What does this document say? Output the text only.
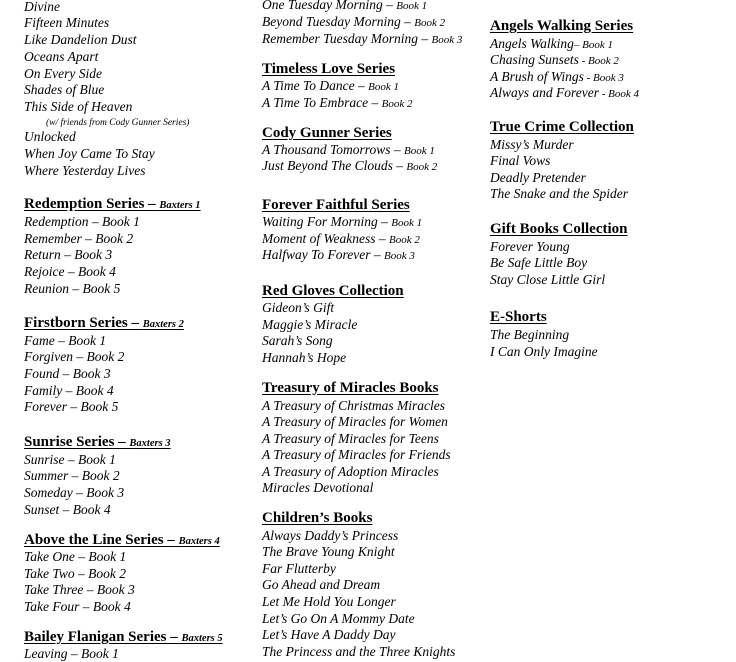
Divine
Fifteen Minutes
Like Dandelion Dust
Oceans Apart
On Every Side
Shades of Blue
This Side of Heaven
(w/ friends from Cody Gunner Series)
Unlocked
When Joy Came To Stay
Where Yesterday Lives
Redemption Series – Baxters 1
Redemption – Book 1
Remember – Book 2
Return – Book 3
Rejoice – Book 4
Reunion – Book 5
Firstborn Series – Baxters 2
Fame – Book 1
Forgiven – Book 2
Found – Book 3
Family – Book 4
Forever – Book 5
Sunrise Series – Baxters 3
Sunrise – Book 1
Summer – Book 2
Someday – Book 3
Sunset – Book 4
Above the Line Series – Baxters 4
Take One – Book 1
Take Two – Book 2
Take Three – Book 3
Take Four – Book 4
Bailey Flanigan Series – Baxters 5
Leaving – Book 1
One Tuesday Morning – Book 1
Beyond Tuesday Morning – Book 2
Remember Tuesday Morning – Book 3
Timeless Love Series
A Time To Dance – Book 1
A Time To Embrace – Book 2
Cody Gunner Series
A Thousand Tomorrows – Book 1
Just Beyond The Clouds – Book 2
Forever Faithful Series
Waiting For Morning – Book 1
Moment of Weakness – Book 2
Halfway To Forever – Book 3
Red Gloves Collection
Gideon’s Gift
Maggie’s Miracle
Sarah’s Song
Hannah’s Hope
Treasury of Miracles Books
A Treasury of Christmas Miracles
A Treasury of Miracles for Women
A Treasury of Miracles for Teens
A Treasury of Miracles for Friends
A Treasury of Adoption Miracles
Miracles Devotional
Children’s Books
Always Daddy’s Princess
The Brave Young Knight
Far Flutterby
Go Ahead and Dream
Let Me Hold You Longer
Let’s Go On A Mommy Date
Let’s Have A Daddy Day
The Princess and the Three Knights
Angels Walking Series
Angels Walking– Book 1
Chasing Sunsets - Book 2
A Brush of Wings - Book 3
Always and Forever - Book 4
True Crime Collection
Missy’s Murder
Final Vows
Deadly Pretender
The Snake and the Spider
Gift Books Collection
Forever Young
Be Safe Little Boy
Stay Close Little Girl
E-Shorts
The Beginning
I Can Only Imagine
